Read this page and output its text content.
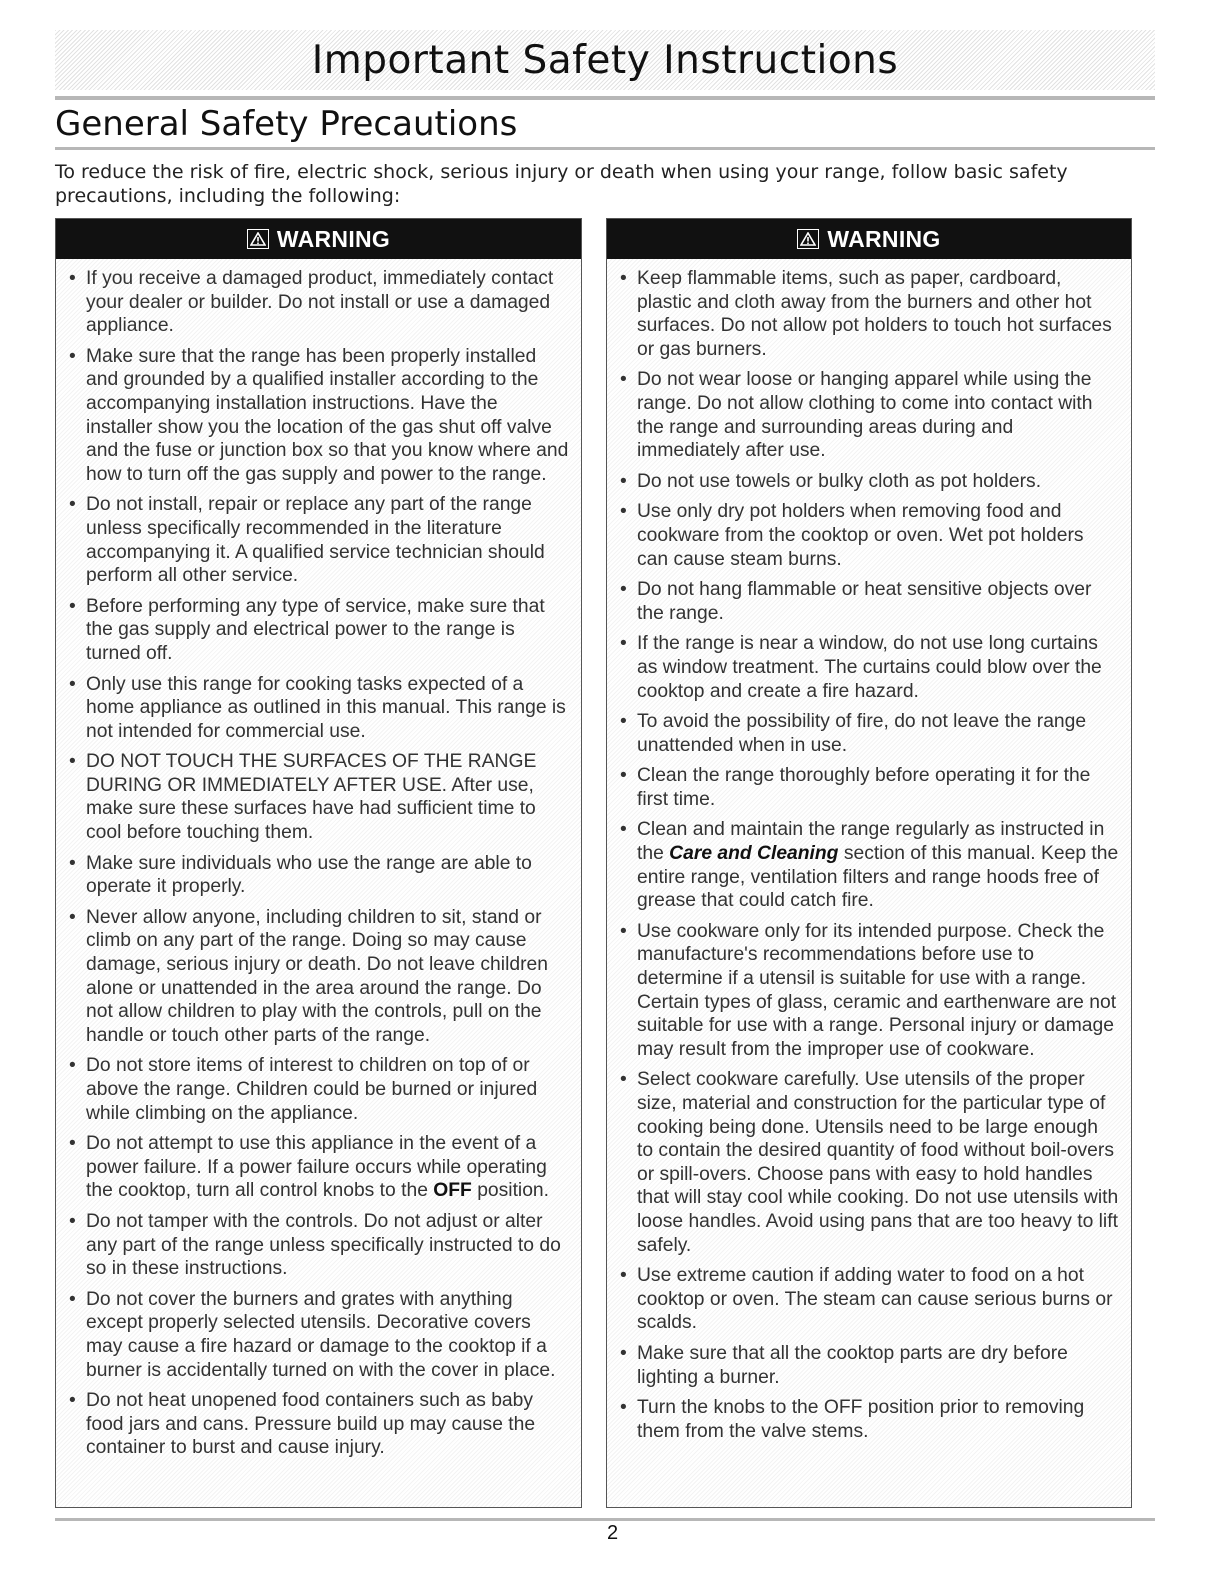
Important Safety Instructions
General Safety Precautions

To reduce the risk of fire, electric shock, serious injury or death when using your range, follow basic safety precautions, including the following:

WARNING
• If you receive a damaged product, immediately contact your dealer or builder. Do not install or use a damaged appliance.
• Make sure that the range has been properly installed and grounded by a qualified installer according to the accompanying installation instructions. Have the installer show you the location of the gas shut off valve and the fuse or junction box so that you know where and how to turn off the gas supply and power to the range.
• Do not install, repair or replace any part of the range unless specifically recommended in the literature accompanying it. A qualified service technician should perform all other service.
• Before performing any type of service, make sure that the gas supply and electrical power to the range is turned off.
• Only use this range for cooking tasks expected of a home appliance as outlined in this manual. This range is not intended for commercial use.
• DO NOT TOUCH THE SURFACES OF THE RANGE DURING OR IMMEDIATELY AFTER USE. After use, make sure these surfaces have had sufficient time to cool before touching them.
• Make sure individuals who use the range are able to operate it properly.
• Never allow anyone, including children to sit, stand or climb on any part of the range. Doing so may cause damage, serious injury or death. Do not leave children alone or unattended in the area around the range. Do not allow children to play with the controls, pull on the handle or touch other parts of the range.
• Do not store items of interest to children on top of or above the range. Children could be burned or injured while climbing on the appliance.
• Do not attempt to use this appliance in the event of a power failure. If a power failure occurs while operating the cooktop, turn all control knobs to the OFF position.
• Do not tamper with the controls. Do not adjust or alter any part of the range unless specifically instructed to do so in these instructions.
• Do not cover the burners and grates with anything except properly selected utensils. Decorative covers may cause a fire hazard or damage to the cooktop if a burner is accidentally turned on with the cover in place.
• Do not heat unopened food containers such as baby food jars and cans. Pressure build up may cause the container to burst and cause injury.
WARNING
• Keep flammable items, such as paper, cardboard, plastic and cloth away from the burners and other hot surfaces. Do not allow pot holders to touch hot surfaces or gas burners.
• Do not wear loose or hanging apparel while using the range. Do not allow clothing to come into contact with the range and surrounding areas during and immediately after use.
• Do not use towels or bulky cloth as pot holders.
• Use only dry pot holders when removing food and cookware from the cooktop or oven. Wet pot holders can cause steam burns.
• Do not hang flammable or heat sensitive objects over the range.
• If the range is near a window, do not use long curtains as window treatment. The curtains could blow over the cooktop and create a fire hazard.
• To avoid the possibility of fire, do not leave the range unattended when in use.
• Clean the range thoroughly before operating it for the first time.
• Clean and maintain the range regularly as instructed in the Care and Cleaning section of this manual. Keep the entire range, ventilation filters and range hoods free of grease that could catch fire.
• Use cookware only for its intended purpose. Check the manufacture's recommendations before use to determine if a utensil is suitable for use with a range. Certain types of glass, ceramic and earthenware are not suitable for use with a range. Personal injury or damage may result from the improper use of cookware.
• Select cookware carefully. Use utensils of the proper size, material and construction for the particular type of cooking being done. Utensils need to be large enough to contain the desired quantity of food without boil-overs or spill-overs. Choose pans with easy to hold handles that will stay cool while cooking. Do not use utensils with loose handles. Avoid using pans that are too heavy to lift safely.
• Use extreme caution if adding water to food on a hot cooktop or oven. The steam can cause serious burns or scalds.
• Make sure that all the cooktop parts are dry before lighting a burner.
• Turn the knobs to the OFF position prior to removing them from the valve stems.
2
